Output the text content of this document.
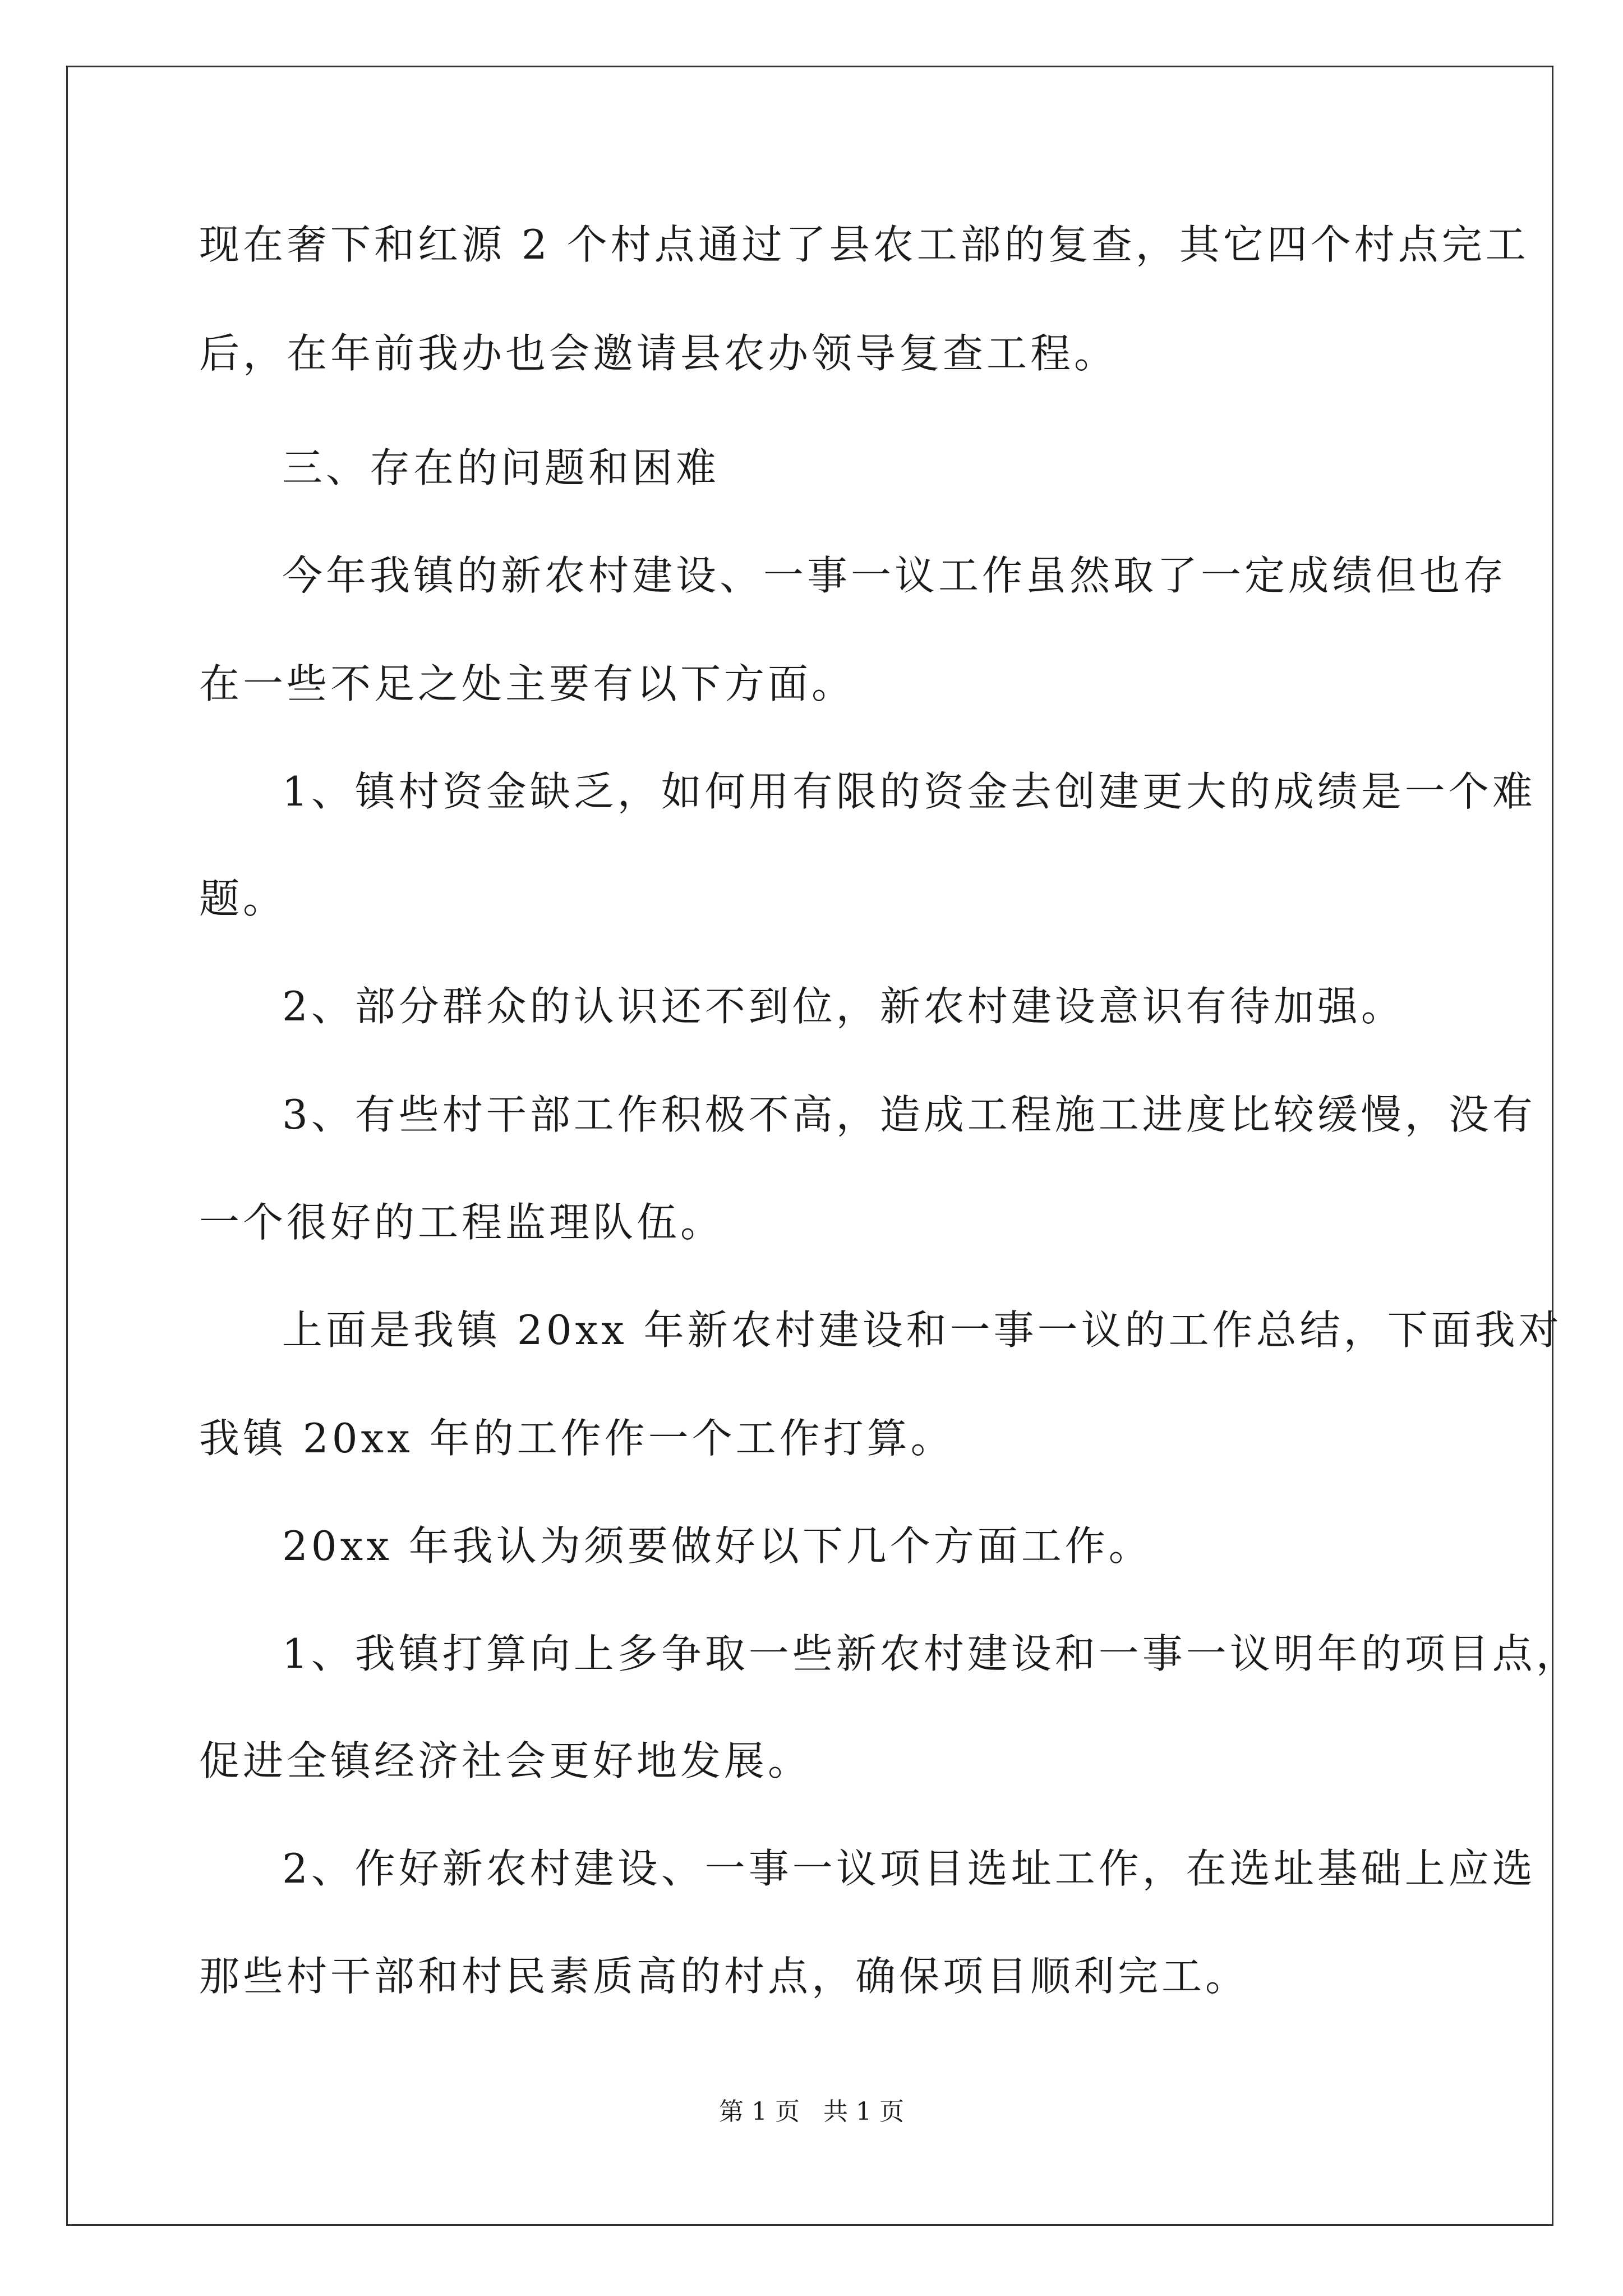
现在奢下和红源 2 个村点通过了县农工部的复查，其它四个村点完工
后，在年前我办也会邀请县农办领导复查工程。
三、存在的问题和困难
今年我镇的新农村建设、一事一议工作虽然取了一定成绩但也存
在一些不足之处主要有以下方面。
1、镇村资金缺乏，如何用有限的资金去创建更大的成绩是一个难
题。
2、部分群众的认识还不到位，新农村建设意识有待加强。
3、有些村干部工作积极不高，造成工程施工进度比较缓慢，没有
一个很好的工程监理队伍。
上面是我镇 20xx 年新农村建设和一事一议的工作总结，下面我对
我镇 20xx 年的工作作一个工作打算。
20xx 年我认为须要做好以下几个方面工作。
1、我镇打算向上多争取一些新农村建设和一事一议明年的项目点，
促进全镇经济社会更好地发展。
2、作好新农村建设、一事一议项目选址工作，在选址基础上应选
那些村干部和村民素质高的村点，确保项目顺利完工。
第 1 页   共 1 页
